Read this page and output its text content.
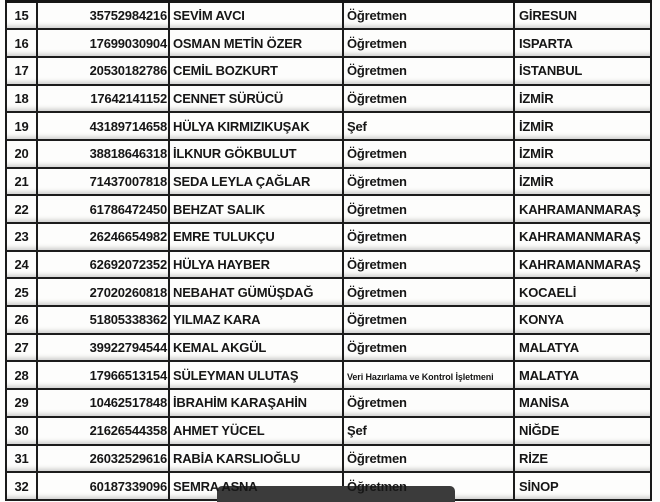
15	35752984216	SEVİM AVCI	Öğretmen	GİRESUN
16	17699030904	OSMAN METİN ÖZER	Öğretmen	ISPARTA
17	20530182786	CEMİL BOZKURT	Öğretmen	İSTANBUL
18	17642141152	CENNET SÜRÜCÜ	Öğretmen	İZMİR
19	43189714658	HÜLYA KIRMIZIKUŞAK	Şef	İZMİR
20	38818646318	İLKNUR GÖKBULUT	Öğretmen	İZMİR
21	71437007818	SEDA LEYLA ÇAĞLAR	Öğretmen	İZMİR
22	61786472450	BEHZAT SALIK	Öğretmen	KAHRAMANMARAŞ
23	26246654982	EMRE TULUKÇU	Öğretmen	KAHRAMANMARAŞ
24	62692072352	HÜLYA HAYBER	Öğretmen	KAHRAMANMARAŞ
25	27020260818	NEBAHAT GÜMÜŞDAĞ	Öğretmen	KOCAELİ
26	51805338362	YILMAZ KARA	Öğretmen	KONYA
27	39922794544	KEMAL AKGÜL	Öğretmen	MALATYA
28	17966513154	SÜLEYMAN ULUTAŞ	Veri Hazırlama ve Kontrol İşletmeni	MALATYA
29	10462517848	İBRAHİM KARAŞAHİN	Öğretmen	MANİSA
30	21626544358	AHMET YÜCEL	Şef	NİĞDE
31	26032529616	RABİA KARSLIOĞLU	Öğretmen	RİZE
32	60187339096	SEMRA ASNA	Öğretmen	SİNOP
